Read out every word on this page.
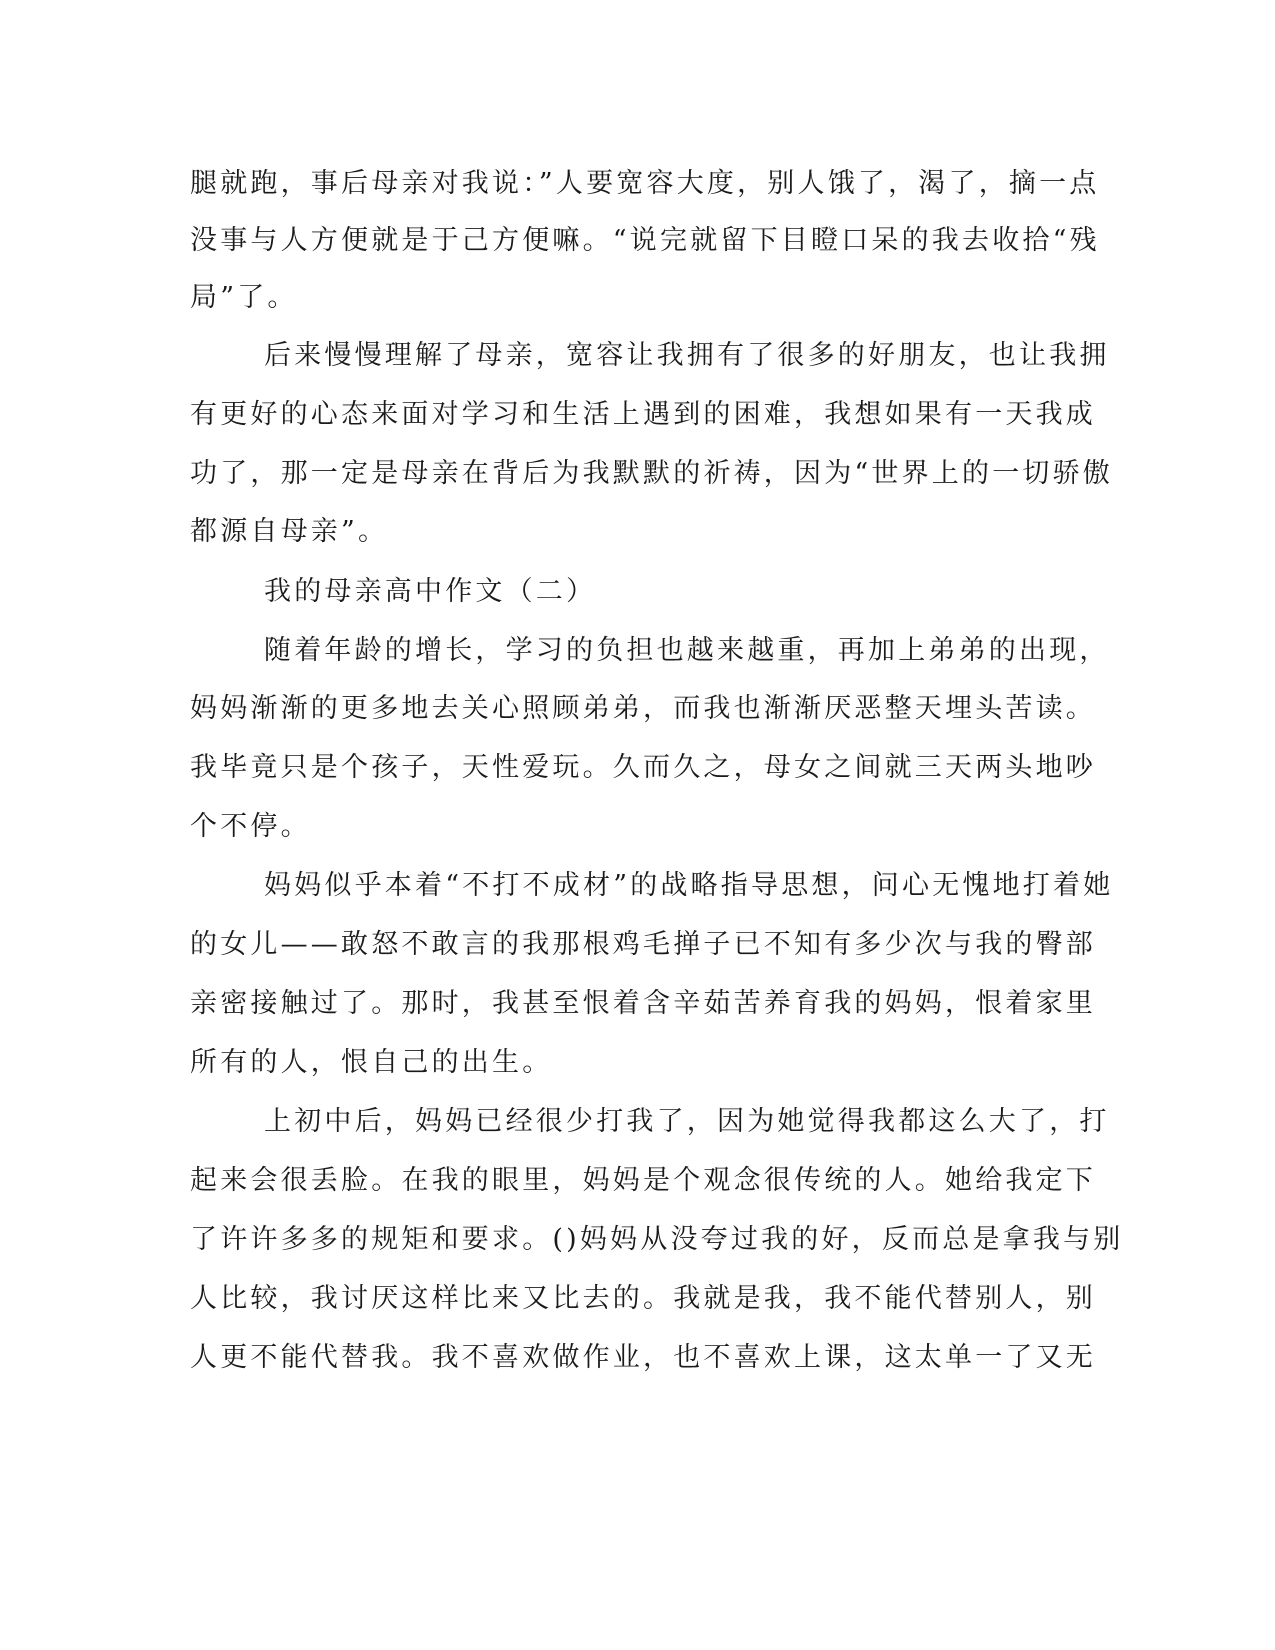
腿就跑，事后母亲对我说：”人要宽容大度，别人饿了，渴了，摘一点
没事与人方便就是于己方便嘛。“说完就留下目瞪口呆的我去收拾“残
局”了。
后来慢慢理解了母亲，宽容让我拥有了很多的好朋友，也让我拥
有更好的心态来面对学习和生活上遇到的困难，我想如果有一天我成
功了，那一定是母亲在背后为我默默的祈祷，因为“世界上的一切骄傲
都源自母亲”。
我的母亲高中作文（二）
随着年龄的增长，学习的负担也越来越重，再加上弟弟的出现，
妈妈渐渐的更多地去关心照顾弟弟，而我也渐渐厌恶整天埋头苦读。
我毕竟只是个孩子，天性爱玩。久而久之，母女之间就三天两头地吵
个不停。
妈妈似乎本着“不打不成材”的战略指导思想，问心无愧地打着她
的女儿——敢怒不敢言的我那根鸡毛掸子已不知有多少次与我的臀部
亲密接触过了。那时，我甚至恨着含辛茹苦养育我的妈妈，恨着家里
所有的人，恨自己的出生。
上初中后，妈妈已经很少打我了，因为她觉得我都这么大了，打
起来会很丢脸。在我的眼里，妈妈是个观念很传统的人。她给我定下
了许许多多的规矩和要求。()妈妈从没夸过我的好，反而总是拿我与别
人比较，我讨厌这样比来又比去的。我就是我，我不能代替别人，别
人更不能代替我。我不喜欢做作业，也不喜欢上课，这太单一了又无
